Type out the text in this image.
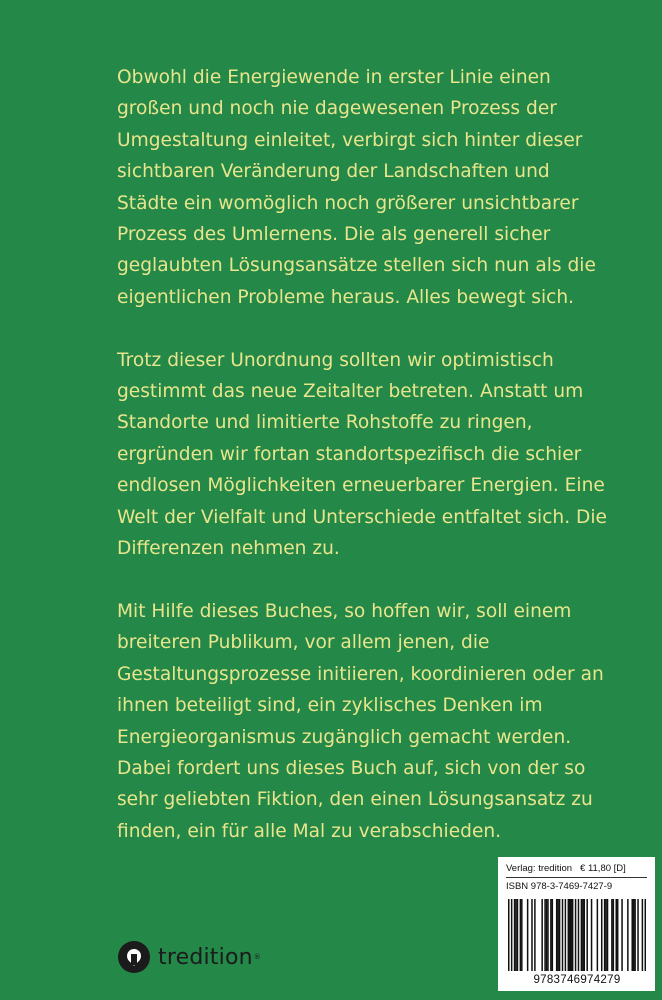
Obwohl die Energiewende in erster Linie einen
großen und noch nie dagewesenen Prozess der
Umgestaltung einleitet, verbirgt sich hinter dieser
sichtbaren Veränderung der Landschaften und
Städte ein womöglich noch größerer unsichtbarer
Prozess des Umlernens. Die als generell sicher
geglaubten Lösungsansätze stellen sich nun als die
eigentlichen Probleme heraus. Alles bewegt sich.

Trotz dieser Unordnung sollten wir optimistisch
gestimmt das neue Zeitalter betreten. Anstatt um
Standorte und limitierte Rohstoffe zu ringen,
ergründen wir fortan standortspezifisch die schier
endlosen Möglichkeiten erneuerbarer Energien. Eine
Welt der Vielfalt und Unterschiede entfaltet sich. Die
Differenzen nehmen zu.

Mit Hilfe dieses Buches, so hoffen wir, soll einem
breiteren Publikum, vor allem jenen, die
Gestaltungsprozesse initiieren, koordinieren oder an
ihnen beteiligt sind, ein zyklisches Denken im
Energieorganismus zugänglich gemacht werden.
Dabei fordert uns dieses Buch auf, sich von der so
sehr geliebten Fiktion, den einen Lösungsansatz zu
finden, ein für alle Mal zu verabschieden.

tredition ®
Verlag: tredition € 11,80 [D]
ISBN 978-3-7469-7427-9
9783746974279
